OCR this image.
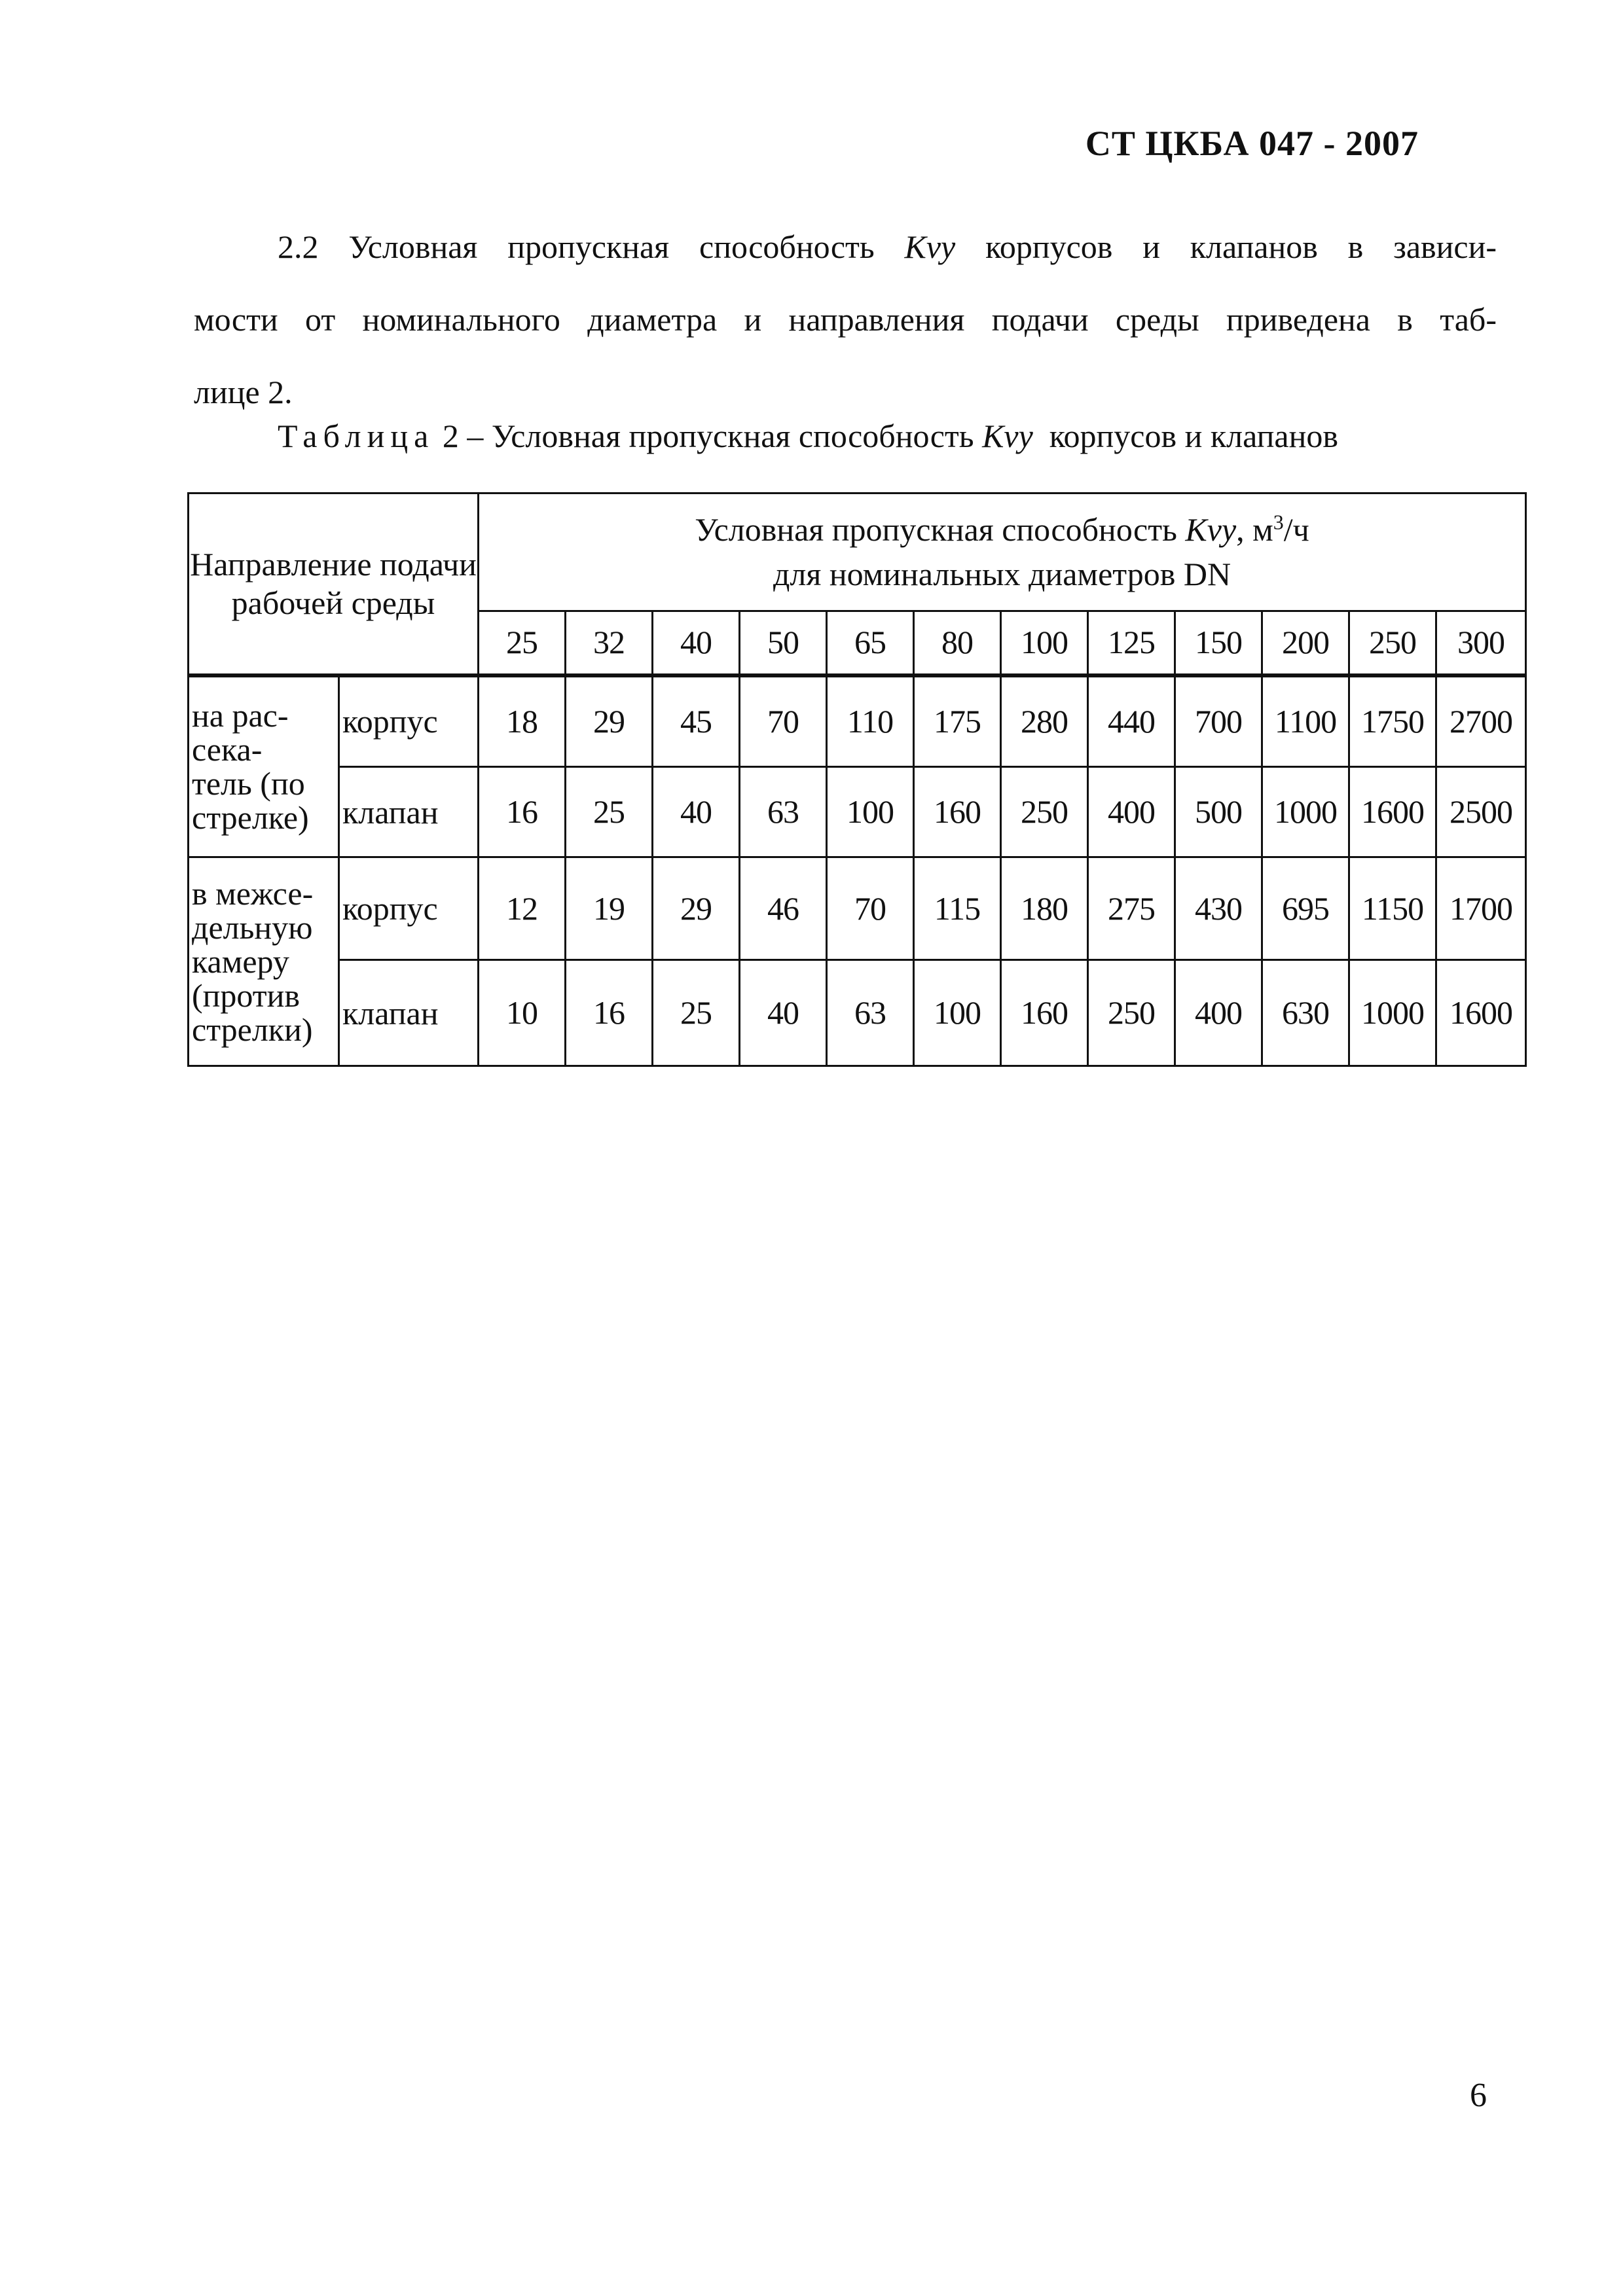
СТ ЦКБА 047 - 2007
2.2 Условная пропускная способность Kvy корпусов и клапанов в зависи-
мости от номинального диаметра и направления подачи среды приведена в таб-
лице 2.
Таблица 2 – Условная пропускная способность Kvy корпусов и клапанов
Направление подачи рабочей среды		Условная пропускная способность Kvy, $м^3/ч$
для номинальных диаметров DN											
		25	32	40	50	65	80	100	125	150	200	250	300

на рас-
сека-
тель (по
стрелке)	корпус	18	29	45	70	110	175	280	440	700	1100	1750	2700
	клапан	16	25	40	63	100	160	250	400	500	1000	1600	2500

в межсе-
дельную
камеру
(против
стрелки)	корпус	12	19	29	46	70	115	180	275	430	695	1150	1700
	клапан	10	16	25	40	63	100	160	250	400	630	1000	1600
6
